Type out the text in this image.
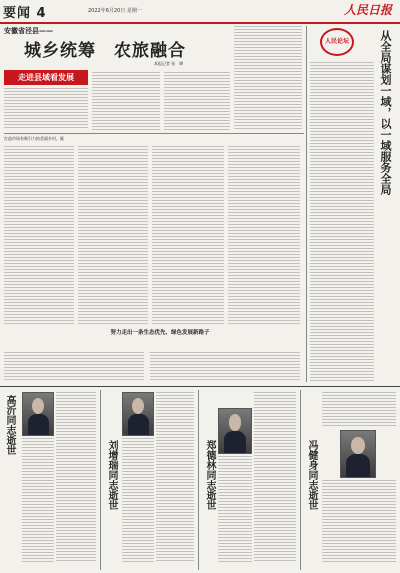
要闻 4	2022年6月20日 星期一	人民日报
安徽省泾县——
城乡统筹　农旅融合
本报记者 张　晔
走进县域看发展
打造市场有吸引力的美丽乡村，既
努力走出一条生态优先、绿色发展新路子
人民论坛	从全局谋划一域，以一域服务全局
高沂同志逝世
刘增瑞同志逝世	郑德林同志逝世	冯健身同志逝世
